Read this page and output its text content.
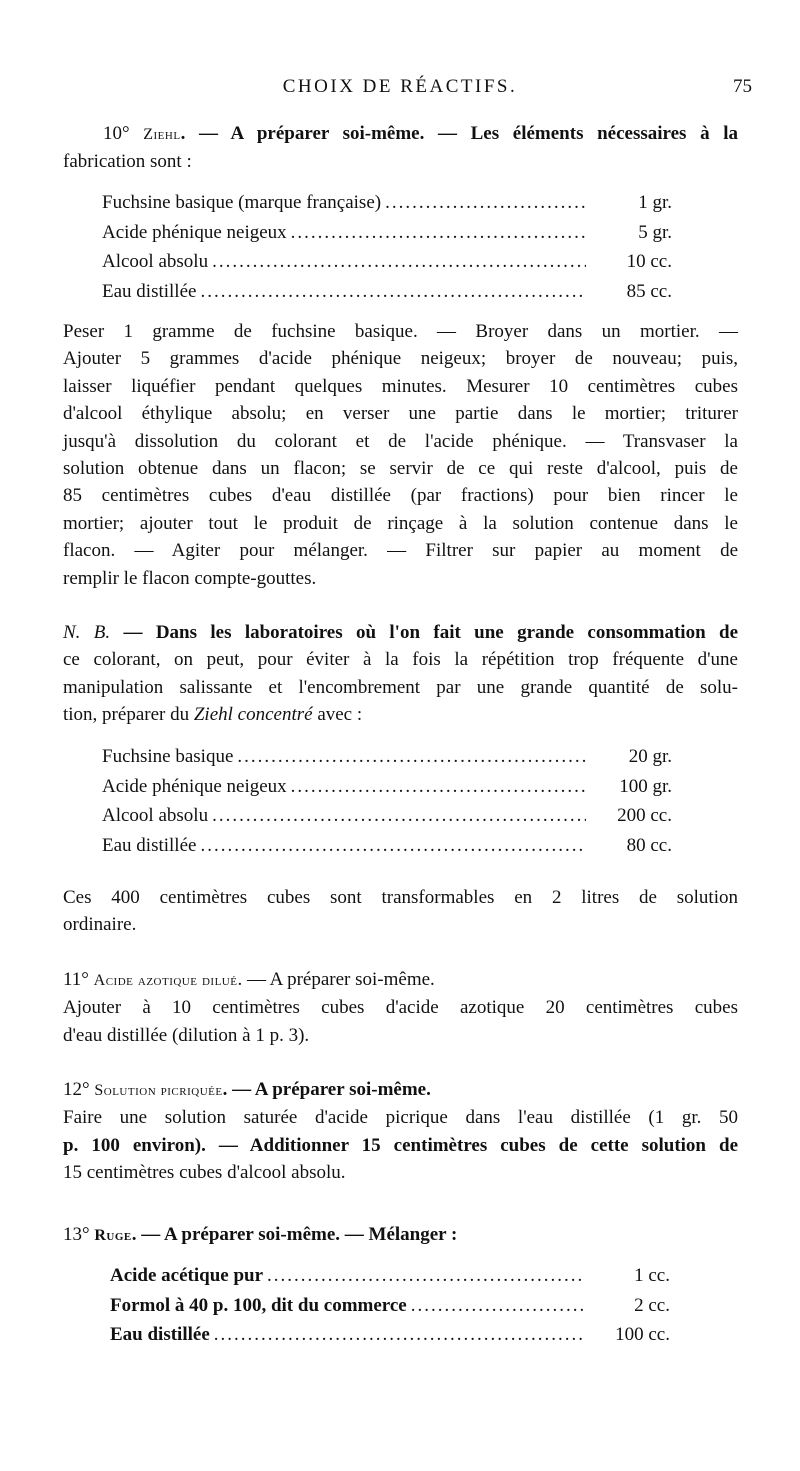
CHOIX DE RÉACTIFS.	75
10° Ziehl. — A préparer soi-même. — Les éléments nécessaires à la
fabrication sont :
Fuchsine basique (marque française) .....	1 gr.
Acide phénique neigeux .....	5 gr.
Alcool absolu .....	10 cc.
Eau distillée .....	85 cc.
Peser 1 gramme de fuchsine basique. — Broyer dans un mortier. —
Ajouter 5 grammes d'acide phénique neigeux; broyer de nouveau; puis,
laisser liquéfier pendant quelques minutes. Mesurer 10 centimètres cubes
d'alcool éthylique absolu; en verser une partie dans le mortier; triturer
jusqu'à dissolution du colorant et de l'acide phénique. — Transvaser la
solution obtenue dans un flacon; se servir de ce qui reste d'alcool, puis de
85 centimètres cubes d'eau distillée (par fractions) pour bien rincer le
mortier; ajouter tout le produit de rinçage à la solution contenue dans le
flacon. — Agiter pour mélanger. — Filtrer sur papier au moment de
remplir le flacon compte-gouttes.
N. B. — Dans les laboratoires où l'on fait une grande consommation de
ce colorant, on peut, pour éviter à la fois la répétition trop fréquente d'une
manipulation salissante et l'encombrement par une grande quantité de solu-
tion, préparer du Ziehl concentré avec :
Fuchsine basique .....	20 gr.
Acide phénique neigeux .....	100 gr.
Alcool absolu .....	200 cc.
Eau distillée .....	80 cc.
Ces 400 centimètres cubes sont transformables en 2 litres de solution
ordinaire.
11° Acide azotique dilué. — A préparer soi-même.
Ajouter à 10 centimètres cubes d'acide azotique 20 centimètres cubes
d'eau distillée (dilution à 1 p. 3).
12° Solution picriquée. — A préparer soi-même.
Faire une solution saturée d'acide picrique dans l'eau distillée (1 gr. 50
p. 100 environ). — Additionner 15 centimètres cubes de cette solution de
15 centimètres cubes d'alcool absolu.
13° Ruge. — A préparer soi-même. — Mélanger :
Acide acétique pur .....	1 cc.
Formol à 40 p. 100, dit du commerce .....	2 cc.
Eau distillée .....	100 cc.
